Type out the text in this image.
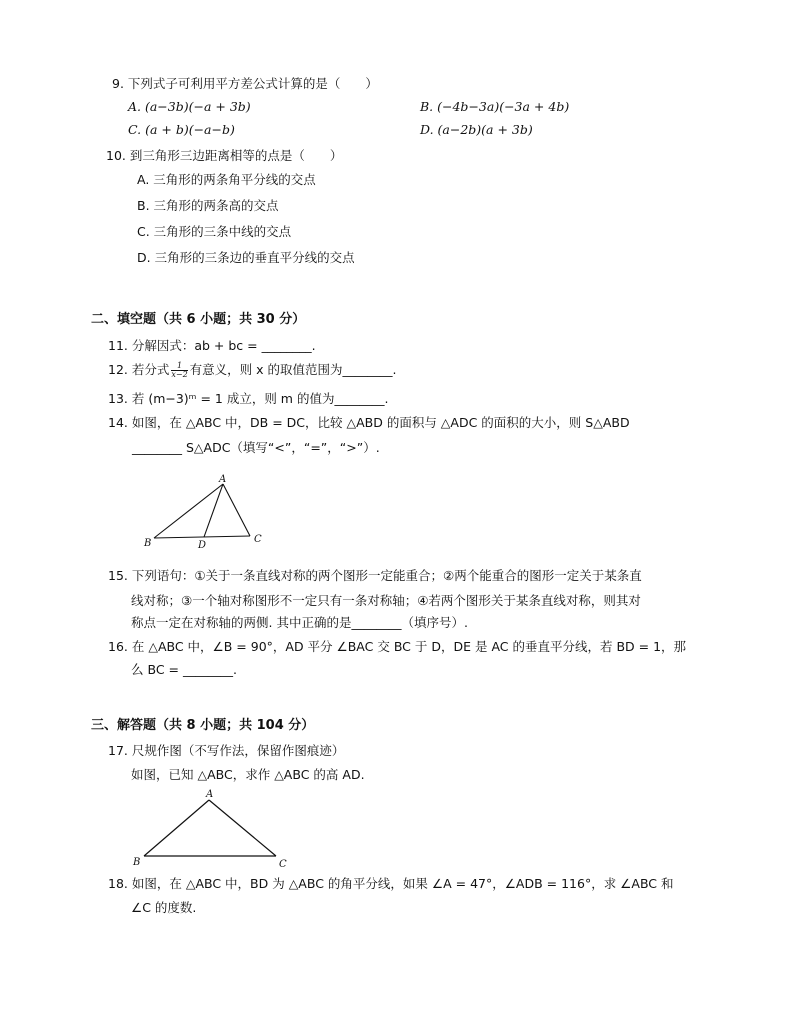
9. 下列式子可利用平方差公式计算的是（　　）
A. (a−3b)(−a + 3b)	B. (−4b−3a)(−3a + 4b)
C. (a + b)(−a−b)	D. (a−2b)(a + 3b)
10. 到三角形三边距离相等的点是（　　）
A. 三角形的两条角平分线的交点
B. 三角形的两条高的交点
C. 三角形的三条中线的交点
D. 三角形的三条边的垂直平分线的交点
二、填空题（共 6 小题；共 30 分）
11. 分解因式：ab + bc = ________.
12. 若分式 $\frac{1}{x-2}$ 有意义，则 x 的取值范围为________.
13. 若 (m−3)ᵐ = 1 成立，则 m 的值为________.
14. 如图，在 △ABC 中，DB = DC，比较 △ABD 的面积与 △ADC 的面积的大小，则 S△ABD
________ S△ADC（填写“<”，“=”，“>”）.
A
B	D
C
15. 下列语句：①关于一条直线对称的两个图形一定能重合；②两个能重合的图形一定关于某条直
线对称；③一个轴对称图形不一定只有一条对称轴；④若两个图形关于某条直线对称，则其对
称点一定在对称轴的两侧. 其中正确的是________（填序号）.
16. 在 △ABC 中，∠B = 90°，AD 平分 ∠BAC 交 BC 于 D，DE 是 AC 的垂直平分线，若 BD = 1，那
么 BC = ________.
三、解答题（共 8 小题；共 104 分）
17. 尺规作图（不写作法，保留作图痕迹）
如图，已知 △ABC，求作 △ABC 的高 AD.
A
B	C
18. 如图，在 △ABC 中，BD 为 △ABC 的角平分线，如果 ∠A = 47°，∠ADB = 116°，求 ∠ABC 和
∠C 的度数.
